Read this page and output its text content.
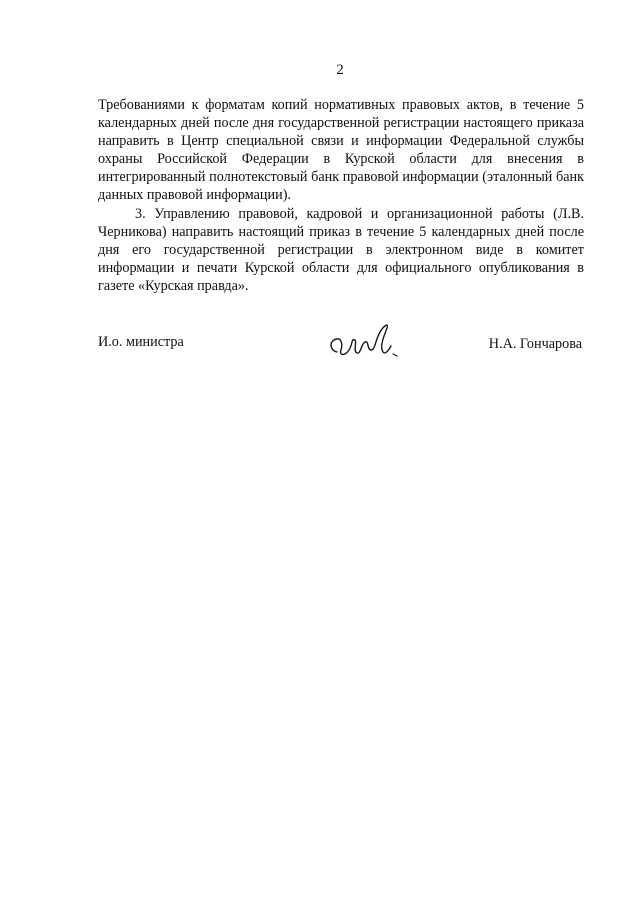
2

Требованиями к форматам копий нормативных правовых актов, в течение 5 календарных дней после дня государственной регистрации настоящего приказа направить в Центр специальной связи и информации Федеральной службы охраны Российской Федерации в Курской области для внесения в интегрированный полнотекстовый банк правовой информации (эталонный банк данных правовой информации).

3. Управлению правовой, кадровой и организационной работы (Л.В. Черникова) направить настоящий приказ в течение 5 календарных дней после дня его государственной регистрации в электронном виде в комитет информации и печати Курской области для официального опубликования в газете «Курская правда».

И.о. министра	Н.А. Гончарова
